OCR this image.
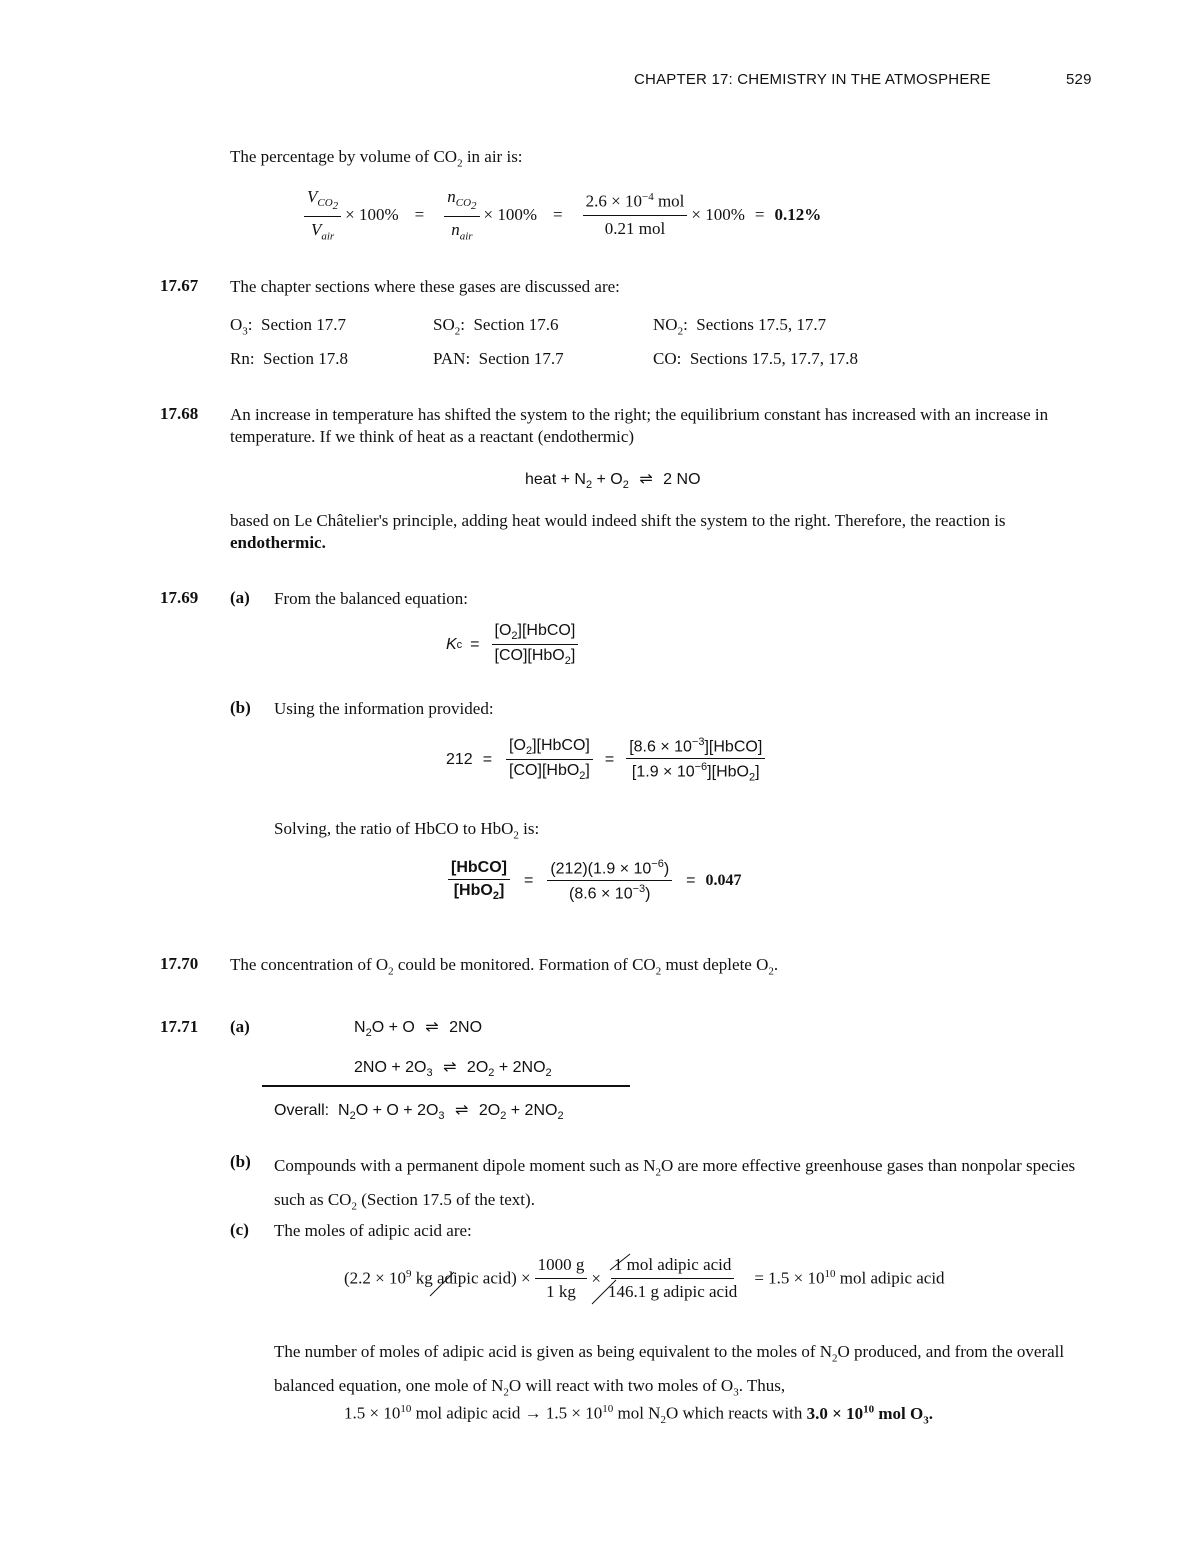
CHAPTER 17: CHEMISTRY IN THE ATMOSPHERE	529
The percentage by volume of $CO_2$ in air is:
$\frac{V_{CO_2}}{V_{air}} \times 100\% = \frac{n_{CO_2}}{n_{air}} \times 100\% = \frac{2.6 \times 10^{-4} mol}{\text{0.21 mol}} \times 100\% = 0.12\%$
17.67 The chapter sections where these gases are discussed are:
$O_3$:  Section 17.7	$SO_2$:  Section 17.6	$NO_2$:  Sections 17.5, 17.7
Rn:  Section 17.8	PAN:  Section 17.7	CO:  Sections 17.5, 17.7, 17.8
17.68 An increase in temperature has shifted the system to the right; the equilibrium constant has increased with an increase in temperature. If we think of heat as a reactant (endothermic)
heat + $N_2 + O_2$ ⇌ 2 NO
based on Le Châtelier's principle, adding heat would indeed shift the system to the right. Therefore, the reaction is endothermic.
17.69 (a) From the balanced equation:
K $c = \frac{[O_2][HbCO]}{[CO][HbO_2]}$
(b) Using the information provided:
$212 = \frac{[O_2][HbCO]}{[CO][HbO_2]} = \frac{[8.6 \times 10^{-3}][HbCO]}{[1.9 \times 10^{-6}][HbO_2]}$
Solving, the ratio of HbCO to HbO$_2$ is:
$\frac{\text{[HbCO]}}{[HbO_2]} = \frac{(212)(1.9 \times 10^{-6})}{(8.6 \times 10^{-3})} = 0.047$
17.70 The concentration of $O_2$ could be monitored. Formation of $CO_2$ must deplete $O_2$.
17.71 (a)	$N_2O + O$ ⇌ 2NO
$2NO + 2O_3$ ⇌ $2O_2 + 2NO_2$
Overall:  $N_2O + O + 2O_3$ ⇌ $2O_2 + 2NO_2$
(b) Compounds with a permanent dipole moment such as $N_2O$ are more effective greenhouse gases than nonpolar species such as $CO_2$ (Section 17.5 of the text).
(c) The moles of adipic acid are:
($2.2 \times 10^9$ kg adipic acid) × $\frac{1000 g}{1 kg} \times \frac{\text{1 mol adipic acid}}{\text{146.1 g adipic acid}} = 1.5 \times 10^{10}$ mol adipic acid
The number of moles of adipic acid is given as being equivalent to the moles of $N_2O$ produced, and from the overall balanced equation, one mole of $N_2O$ will react with two moles of $O_3$. Thus,
$1.5 \times 10^{10}$ mol adipic acid → $1.5 \times 10^{10}$ mol $N_2O$ which reacts with $3.0 \times 10^{10}$ mol $O_3$.
